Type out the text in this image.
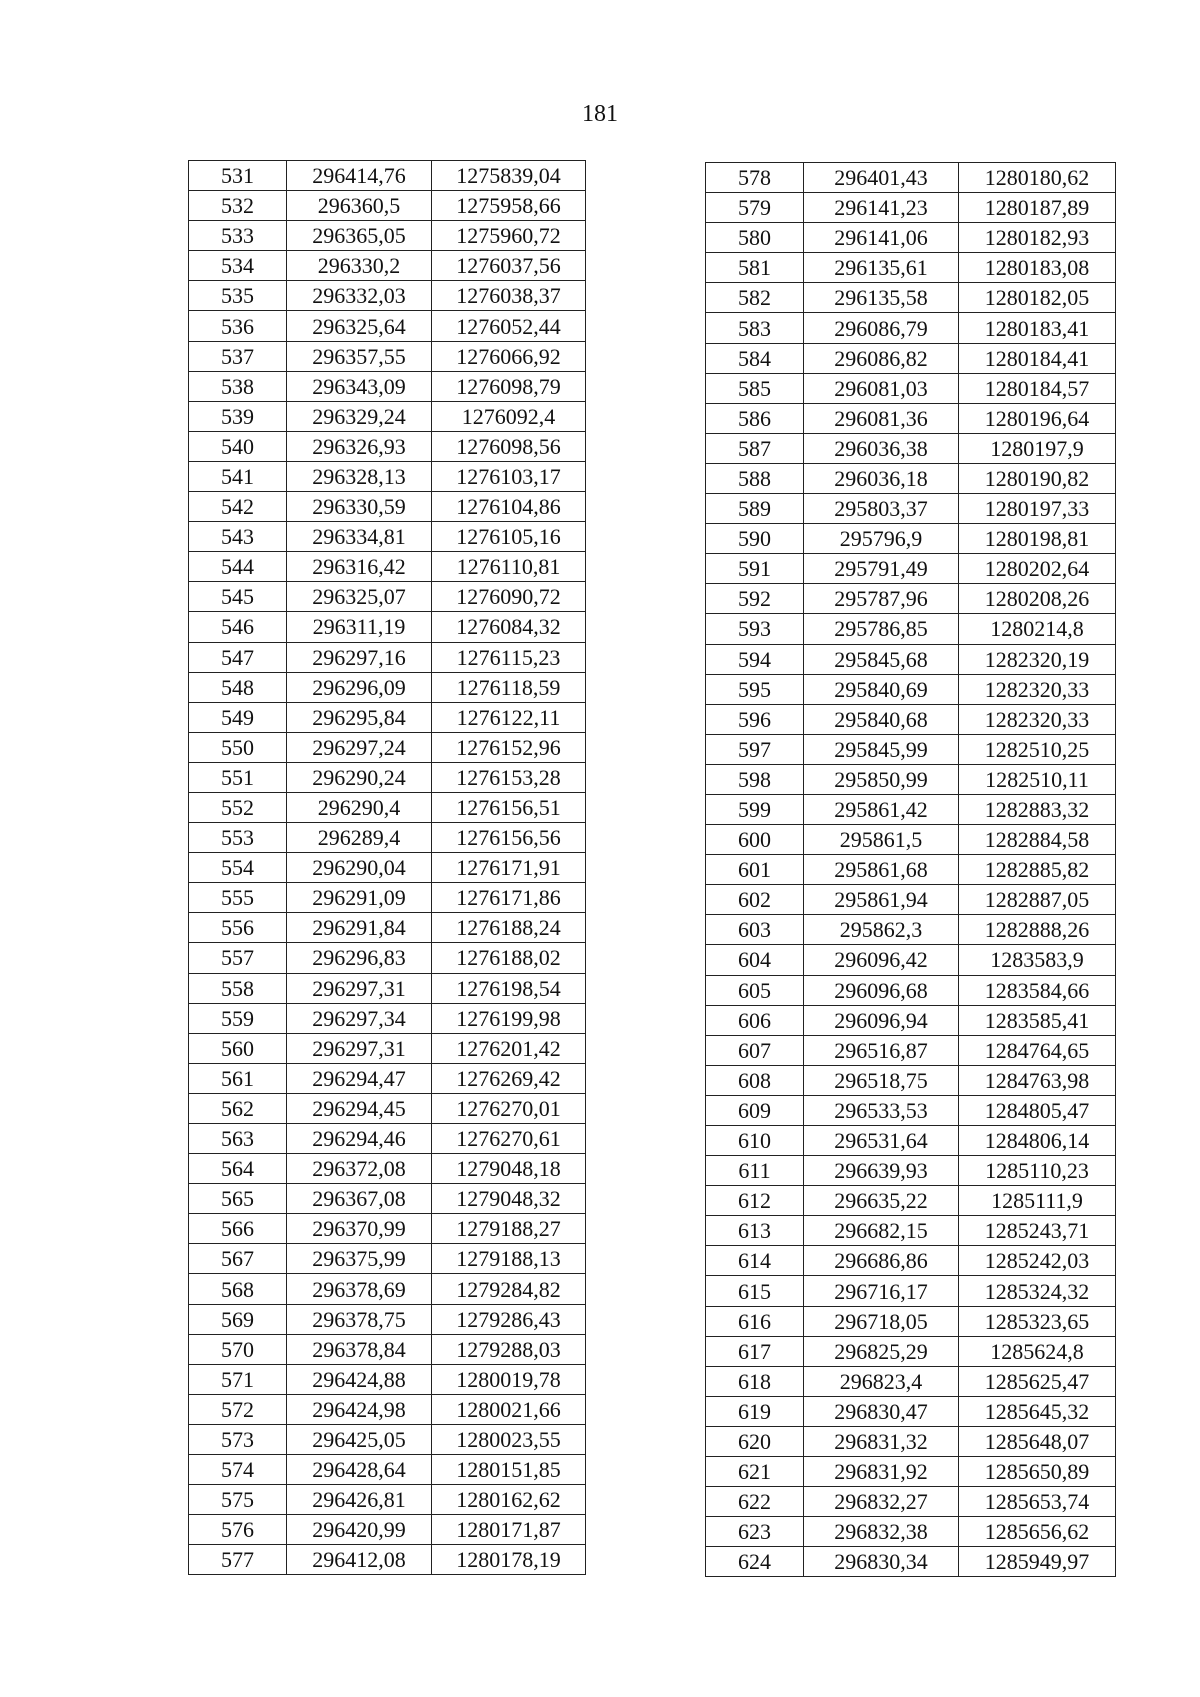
181
531	296414,76	1275839,04
532	296360,5	1275958,66
533	296365,05	1275960,72
534	296330,2	1276037,56
535	296332,03	1276038,37
536	296325,64	1276052,44
537	296357,55	1276066,92
538	296343,09	1276098,79
539	296329,24	1276092,4
540	296326,93	1276098,56
541	296328,13	1276103,17
542	296330,59	1276104,86
543	296334,81	1276105,16
544	296316,42	1276110,81
545	296325,07	1276090,72
546	296311,19	1276084,32
547	296297,16	1276115,23
548	296296,09	1276118,59
549	296295,84	1276122,11
550	296297,24	1276152,96
551	296290,24	1276153,28
552	296290,4	1276156,51
553	296289,4	1276156,56
554	296290,04	1276171,91
555	296291,09	1276171,86
556	296291,84	1276188,24
557	296296,83	1276188,02
558	296297,31	1276198,54
559	296297,34	1276199,98
560	296297,31	1276201,42
561	296294,47	1276269,42
562	296294,45	1276270,01
563	296294,46	1276270,61
564	296372,08	1279048,18
565	296367,08	1279048,32
566	296370,99	1279188,27
567	296375,99	1279188,13
568	296378,69	1279284,82
569	296378,75	1279286,43
570	296378,84	1279288,03
571	296424,88	1280019,78
572	296424,98	1280021,66
573	296425,05	1280023,55
574	296428,64	1280151,85
575	296426,81	1280162,62
576	296420,99	1280171,87
577	296412,08	1280178,19
578	296401,43	1280180,62
579	296141,23	1280187,89
580	296141,06	1280182,93
581	296135,61	1280183,08
582	296135,58	1280182,05
583	296086,79	1280183,41
584	296086,82	1280184,41
585	296081,03	1280184,57
586	296081,36	1280196,64
587	296036,38	1280197,9
588	296036,18	1280190,82
589	295803,37	1280197,33
590	295796,9	1280198,81
591	295791,49	1280202,64
592	295787,96	1280208,26
593	295786,85	1280214,8
594	295845,68	1282320,19
595	295840,69	1282320,33
596	295840,68	1282320,33
597	295845,99	1282510,25
598	295850,99	1282510,11
599	295861,42	1282883,32
600	295861,5	1282884,58
601	295861,68	1282885,82
602	295861,94	1282887,05
603	295862,3	1282888,26
604	296096,42	1283583,9
605	296096,68	1283584,66
606	296096,94	1283585,41
607	296516,87	1284764,65
608	296518,75	1284763,98
609	296533,53	1284805,47
610	296531,64	1284806,14
611	296639,93	1285110,23
612	296635,22	1285111,9
613	296682,15	1285243,71
614	296686,86	1285242,03
615	296716,17	1285324,32
616	296718,05	1285323,65
617	296825,29	1285624,8
618	296823,4	1285625,47
619	296830,47	1285645,32
620	296831,32	1285648,07
621	296831,92	1285650,89
622	296832,27	1285653,74
623	296832,38	1285656,62
624	296830,34	1285949,97
